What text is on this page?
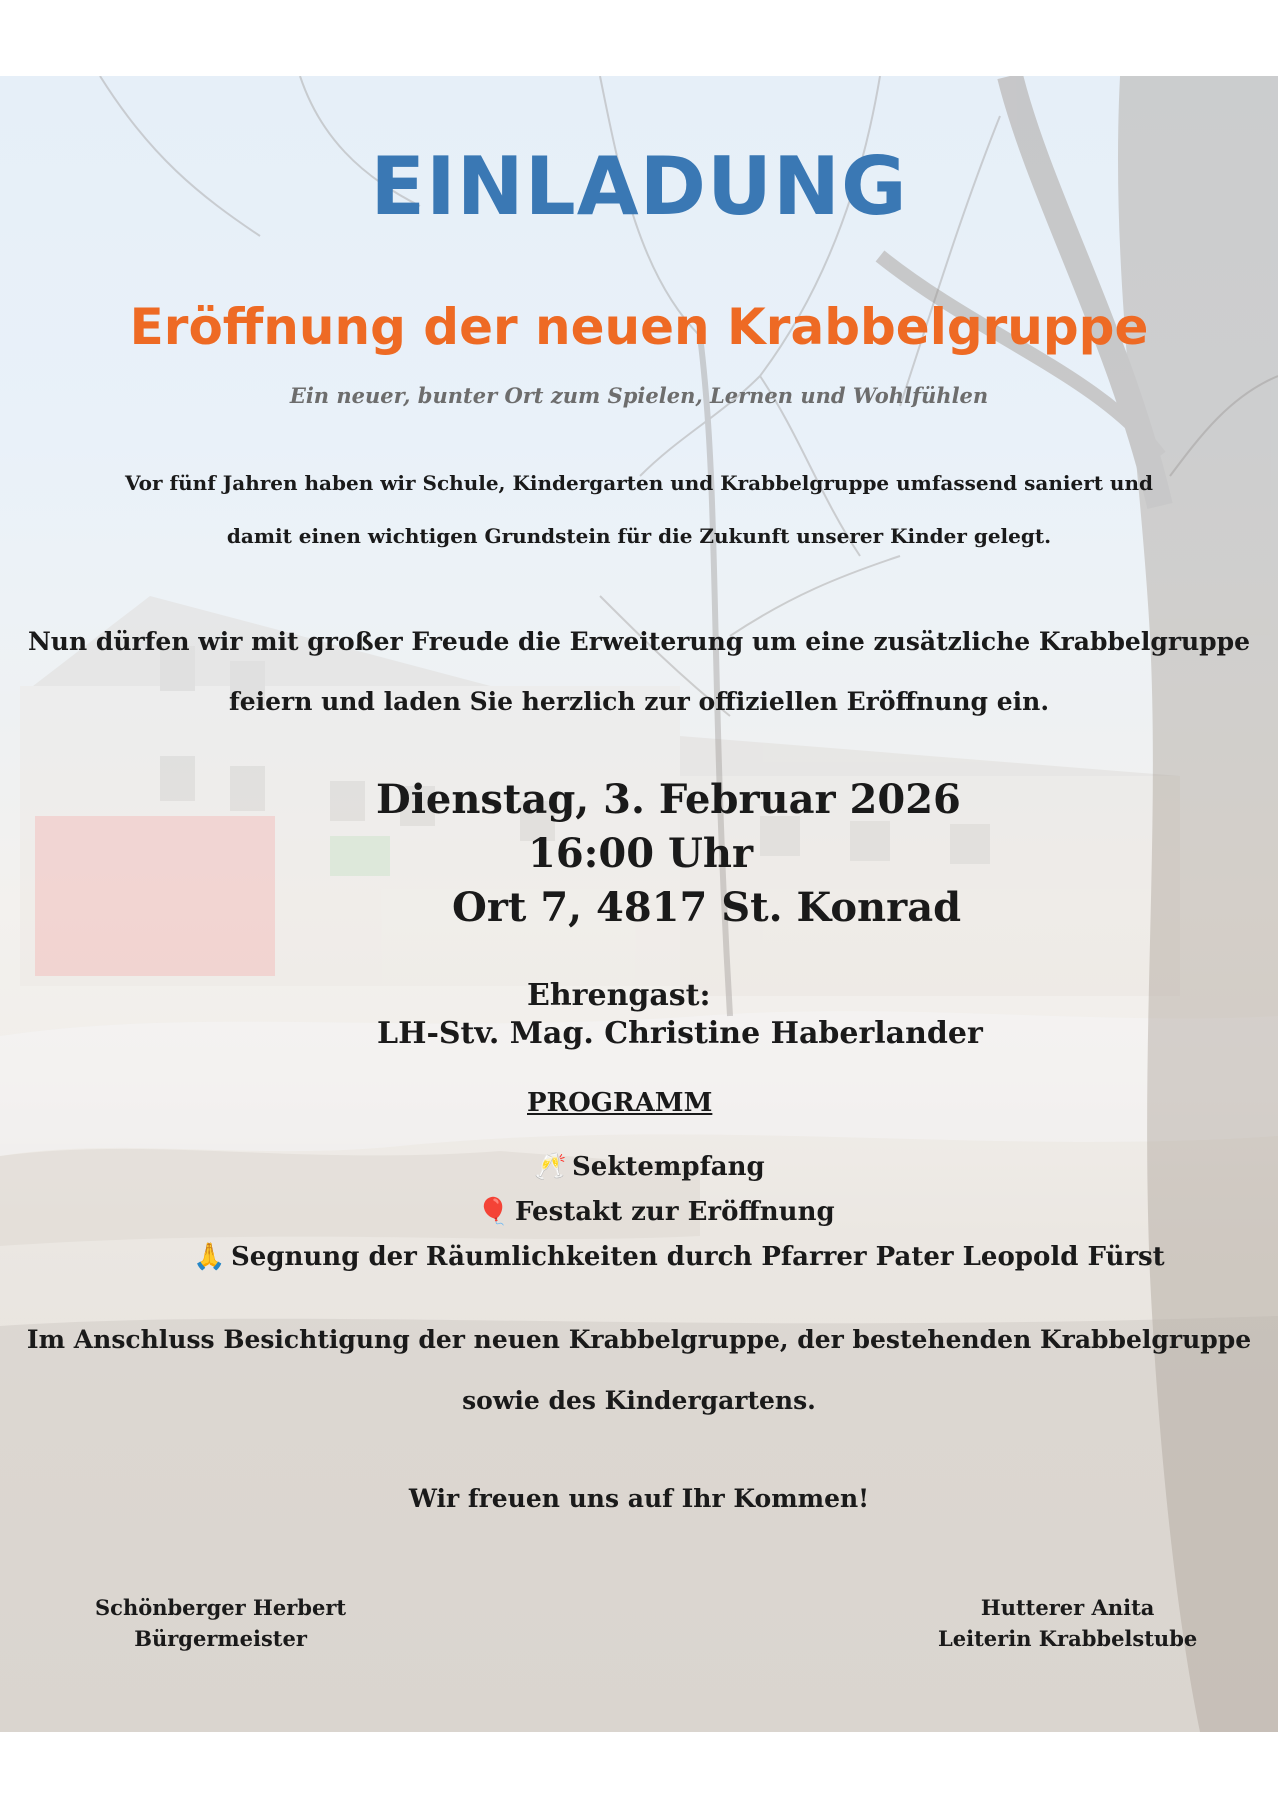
EINLADUNG
Eröffnung der neuen Krabbelgruppe
Ein neuer, bunter Ort zum Spielen, Lernen und Wohlfühlen
Vor fünf Jahren haben wir Schule, Kindergarten und Krabbelgruppe umfassend saniert und
damit einen wichtigen Grundstein für die Zukunft unserer Kinder gelegt.
Nun dürfen wir mit großer Freude die Erweiterung um eine zusätzliche Krabbelgruppe
feiern und laden Sie herzlich zur offiziellen Eröffnung ein.
Dienstag, 3. Februar 2026
16:00 Uhr
Ort 7, 4817 St. Konrad
Ehrengast:
LH-Stv. Mag. Christine Haberlander
PROGRAMM
🥂 Sektempfang
🎈 Festakt zur Eröffnung
🙏 Segnung der Räumlichkeiten durch Pfarrer Pater Leopold Fürst
Im Anschluss Besichtigung der neuen Krabbelgruppe, der bestehenden Krabbelgruppe
sowie des Kindergartens.
Wir freuen uns auf Ihr Kommen!
Schönberger Herbert
Bürgermeister
Hutterer Anita
Leiterin Krabbelstube
